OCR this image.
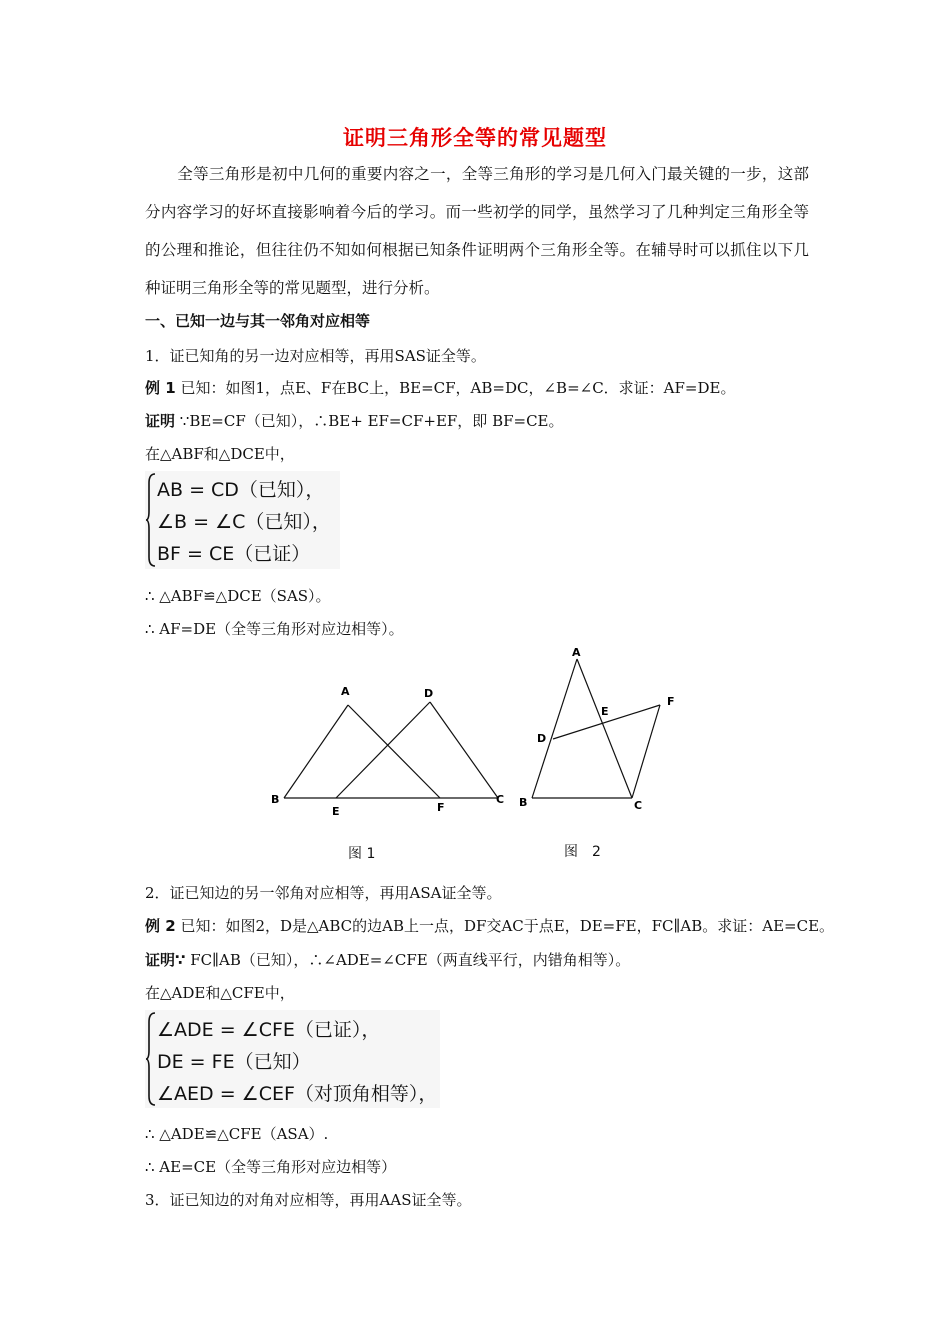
证明三角形全等的常见题型
全等三角形是初中几何的重要内容之一，全等三角形的学习是几何入门最关键的一步，这部分内容学习的好坏直接影响着今后的学习。而一些初学的同学，虽然学习了几种判定三角形全等的公理和推论，但往往仍不知如何根据已知条件证明两个三角形全等。在辅导时可以抓住以下几种证明三角形全等的常见题型，进行分析。
一、已知一边与其一邻角对应相等
1．证已知角的另一边对应相等，再用SAS证全等。
例 1 已知：如图1，点E、F在BC上，BE=CF，AB=DC，∠B=∠C．求证：AF=DE。
证明 ∵BE=CF（已知），∴BE+ EF=CF+EF，即 BF=CE。
在△ABF和△DCE中，
AB = CD（已知），
∠B = ∠C（已知），
BF = CE（已证）
∴ △ABF≌△DCE（SAS）。
∴ AF=DE（全等三角形对应边相等）。
A	D
B
E	F
C
图 1
A
E
F
D
B	C
图　2
2．证已知边的另一邻角对应相等，再用ASA证全等。
例 2 已知：如图2，D是△ABC的边AB上一点，DF交AC于点E，DE=FE，FC∥AB。求证：AE=CE。
证明∵ FC∥AB（已知），∴∠ADE=∠CFE（两直线平行，内错角相等）。
在△ADE和△CFE中，
∠ADE = ∠CFE（已证），
DE = FE（已知）
∠AED = ∠CEF（对顶角相等），
∴ △ADE≌△CFE（ASA）.
∴ AE=CE（全等三角形对应边相等）
3．证已知边的对角对应相等，再用AAS证全等。
